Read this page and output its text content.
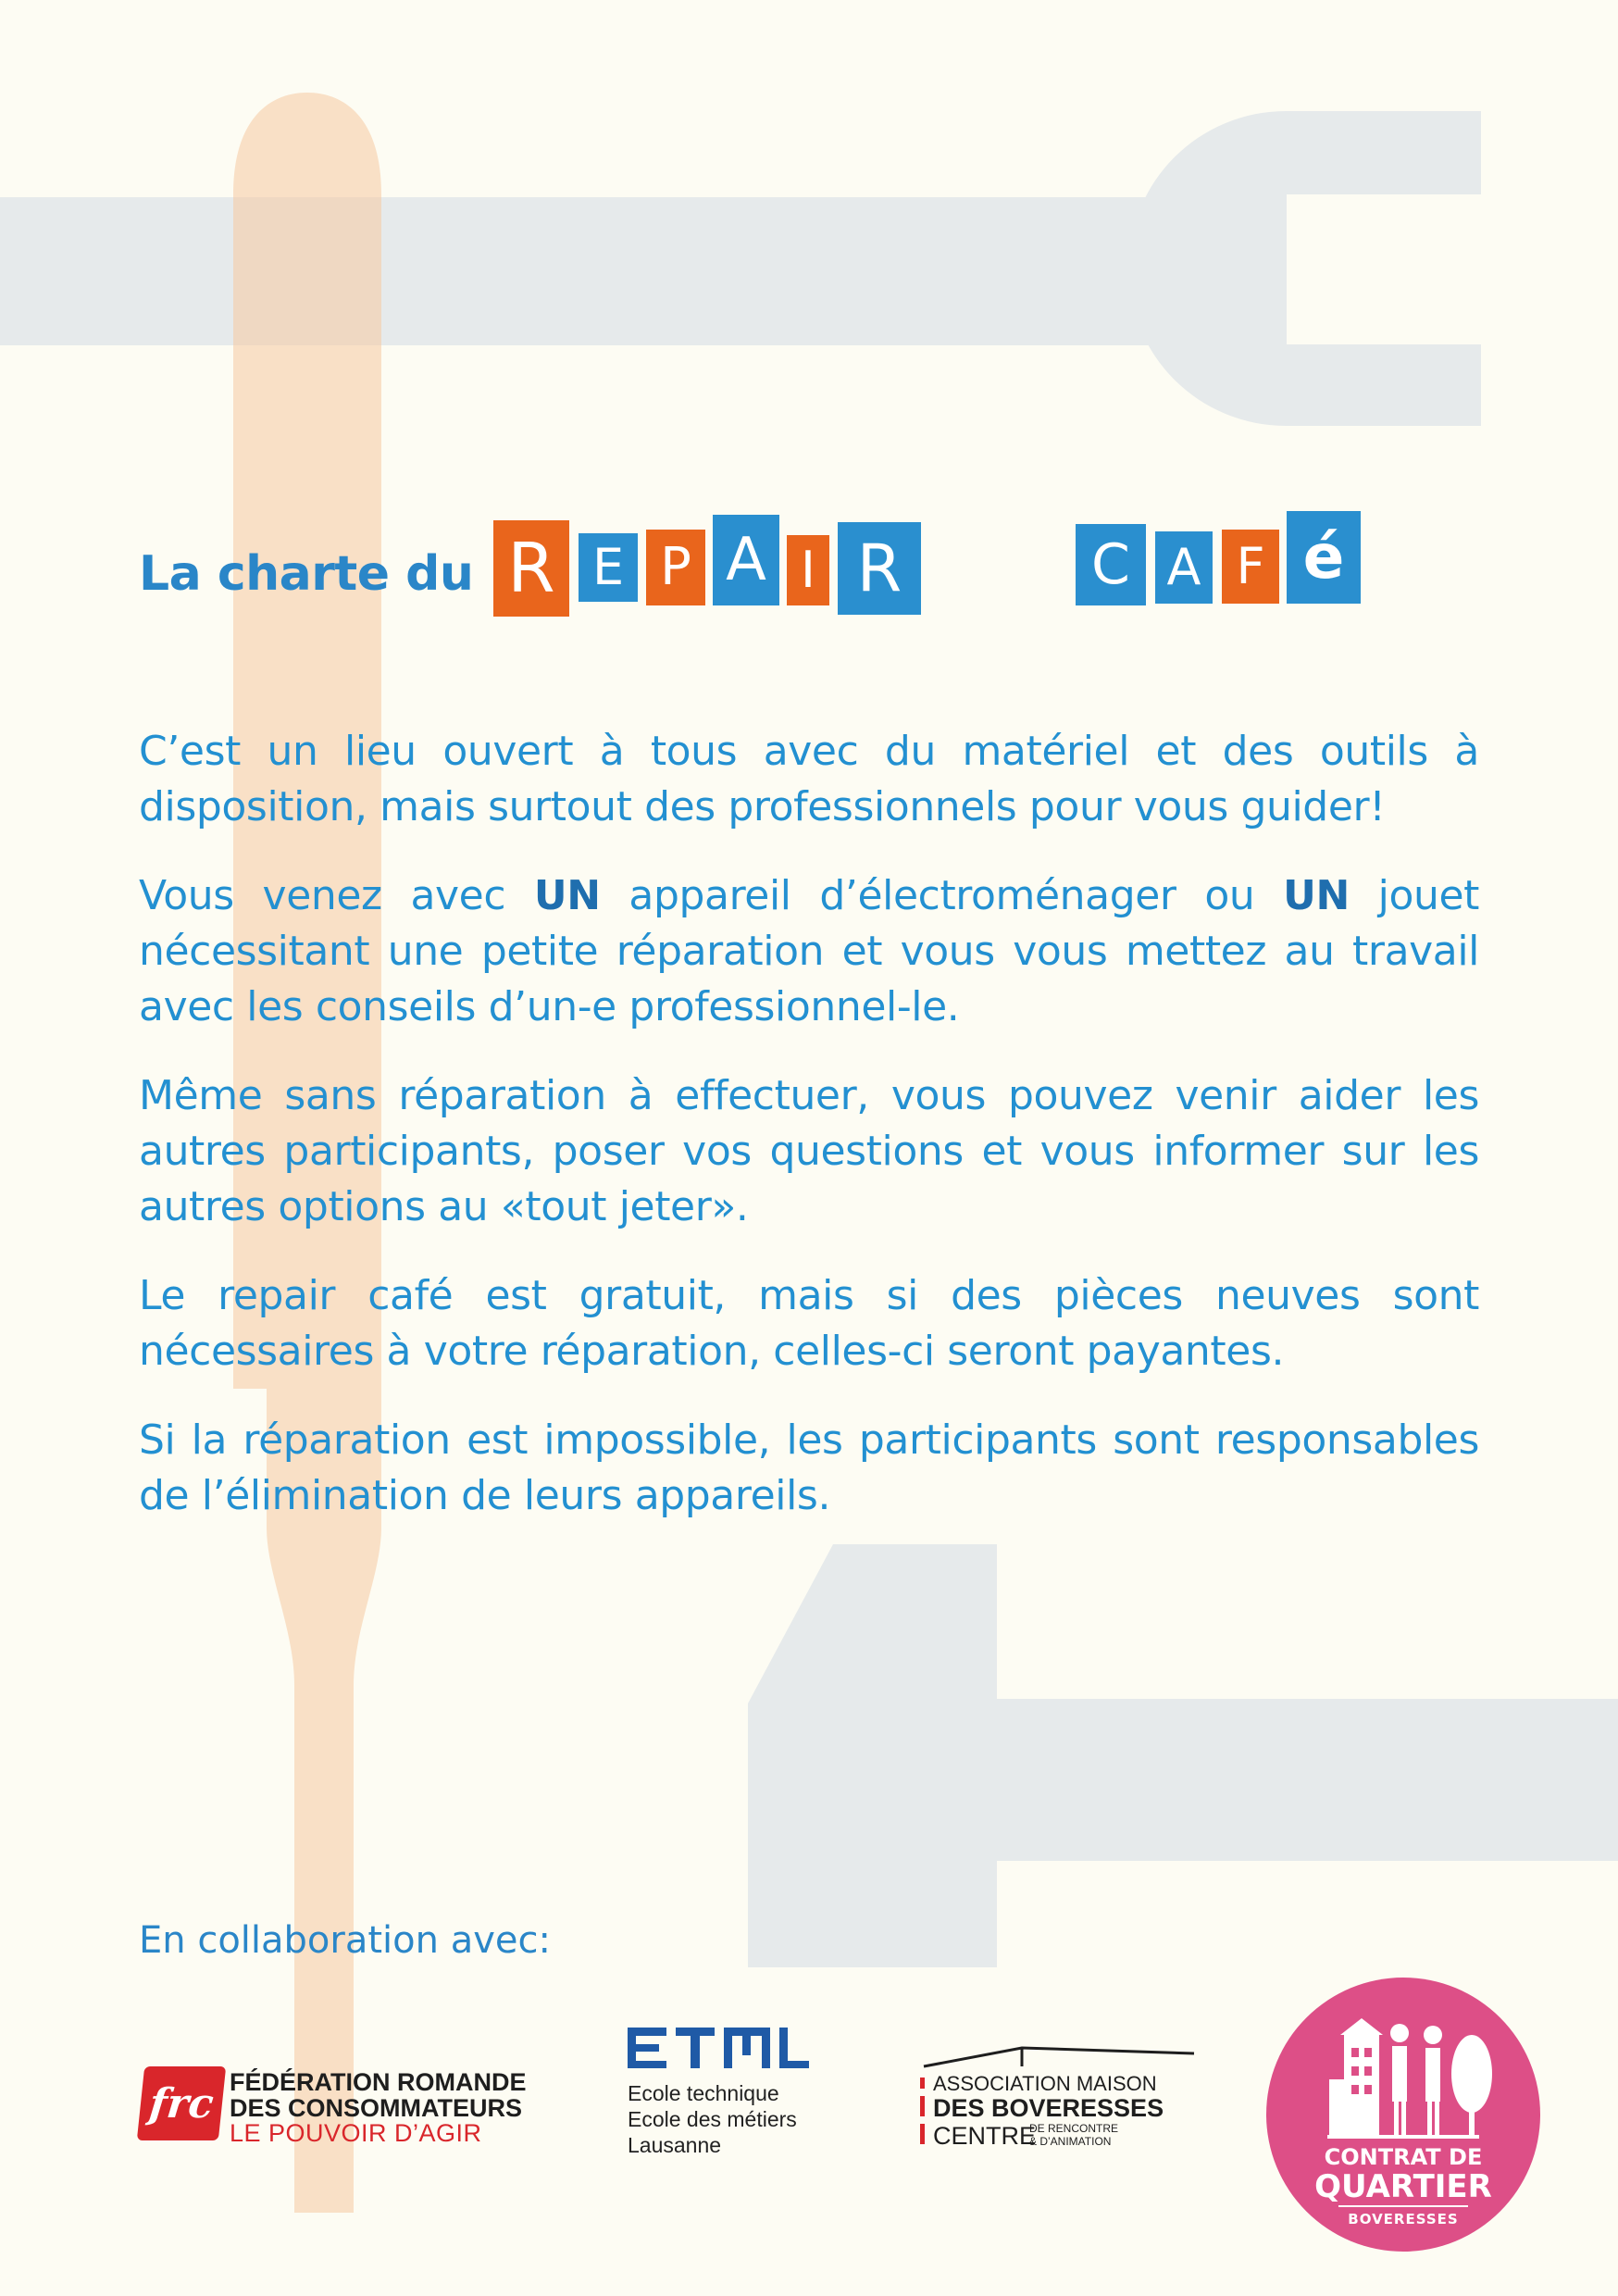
La charte du R E P A I R	C A F é

C’est un lieu ouvert à tous avec du matériel et des outils à disposition, mais surtout des professionnels pour vous guider!

Vous venez avec UN appareil d’électroménager ou UN jouet nécessitant une petite réparation et vous vous mettez au travail avec les conseils d’un-e professionnel-le.

Même sans réparation à effectuer, vous pouvez venir aider les autres participants, poser vos questions et vous informer sur les autres options au «tout jeter».

Le repair café est gratuit, mais si des pièces neuves sont nécessaires à votre réparation, celles-ci seront payantes.

Si la réparation est impossible, les participants sont responsables de l’élimination de leurs appareils.

En collaboration avec:
frc FÉDÉRATION ROMANDE
DES CONSOMMATEURS
LE POUVOIR D’AGIR
Ecole technique
Ecole des métiers
Lausanne
ASSOCIATION MAISON
DES BOVERESSES
CENTRE
DE RENCONTRE
& D’ANIMATION
CONTRAT DE
QUARTIER
BOVERESSES
